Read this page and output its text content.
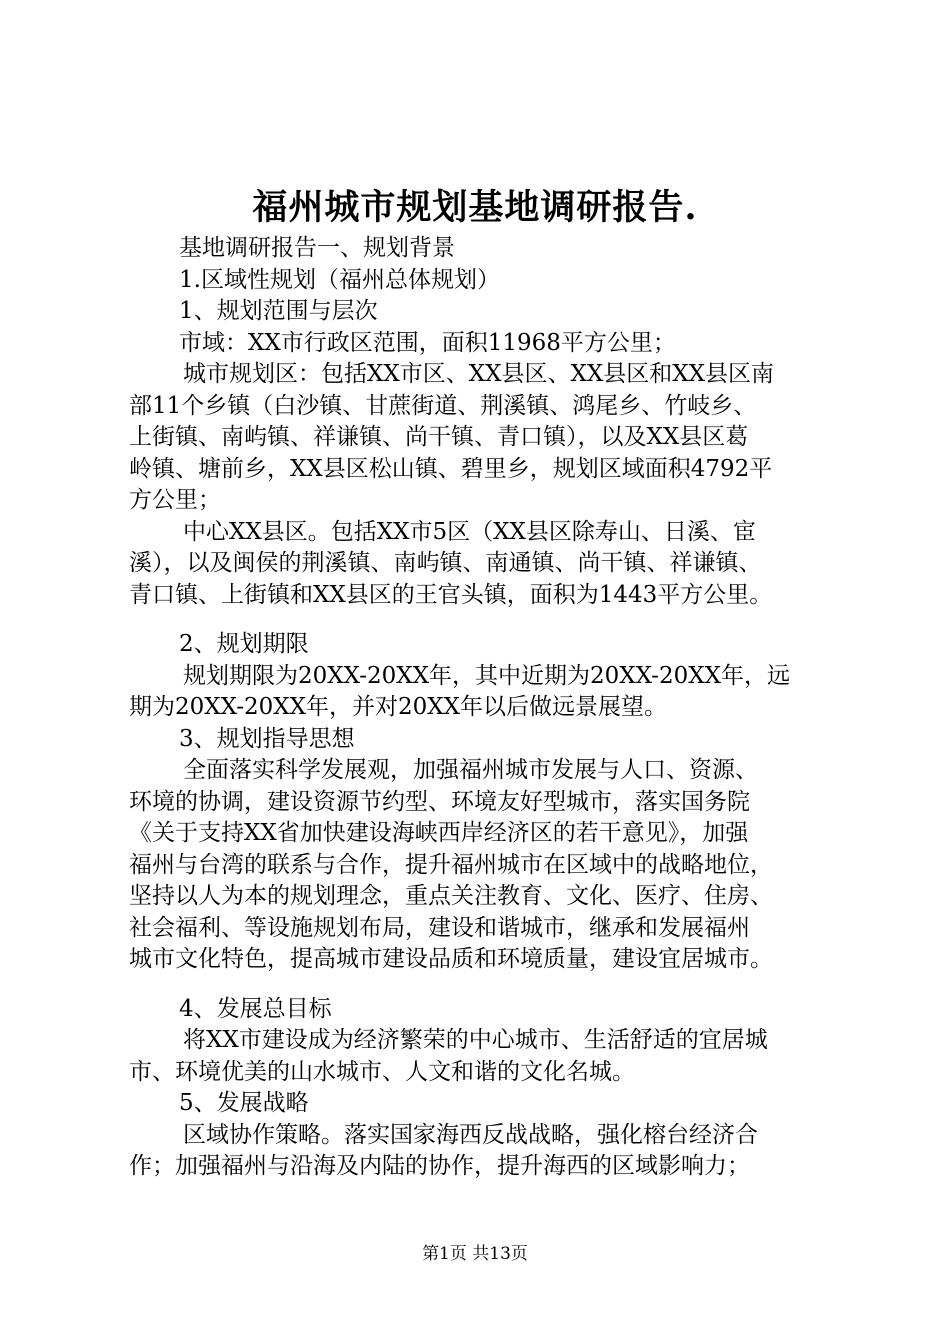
福州城市规划基地调研报告.
基地调研报告一、规划背景
1.区域性规划（福州总体规划）
1、规划范围与层次
市域：XX市行政区范围，面积11968平方公里；
城市规划区：包括XX市区、XX县区、XX县区和XX县区南
部11个乡镇（白沙镇、甘蔗街道、荆溪镇、鸿尾乡、竹岐乡、
上街镇、南屿镇、祥谦镇、尚干镇、青口镇），以及XX县区葛
岭镇、塘前乡，XX县区松山镇、碧里乡，规划区域面积4792平
方公里；
中心XX县区。包括XX市5区（XX县区除寿山、日溪、宦
溪），以及闽侯的荆溪镇、南屿镇、南通镇、尚干镇、祥谦镇、
青口镇、上街镇和XX县区的王官头镇，面积为1443平方公里。
2、规划期限
规划期限为20XX-20XX年，其中近期为20XX-20XX年，远
期为20XX-20XX年，并对20XX年以后做远景展望。
3、规划指导思想
全面落实科学发展观，加强福州城市发展与人口、资源、
环境的协调，建设资源节约型、环境友好型城市，落实国务院
《关于支持XX省加快建设海峡西岸经济区的若干意见》，加强
福州与台湾的联系与合作，提升福州城市在区域中的战略地位，
坚持以人为本的规划理念，重点关注教育、文化、医疗、住房、
社会福利、等设施规划布局，建设和谐城市，继承和发展福州
城市文化特色，提高城市建设品质和环境质量，建设宜居城市。
4、发展总目标
将XX市建设成为经济繁荣的中心城市、生活舒适的宜居城
市、环境优美的山水城市、人文和谐的文化名城。
5、发展战略
区域协作策略。落实国家海西反战战略，强化榕台经济合
作；加强福州与沿海及内陆的协作，提升海西的区域影响力；
第1页 共13页
